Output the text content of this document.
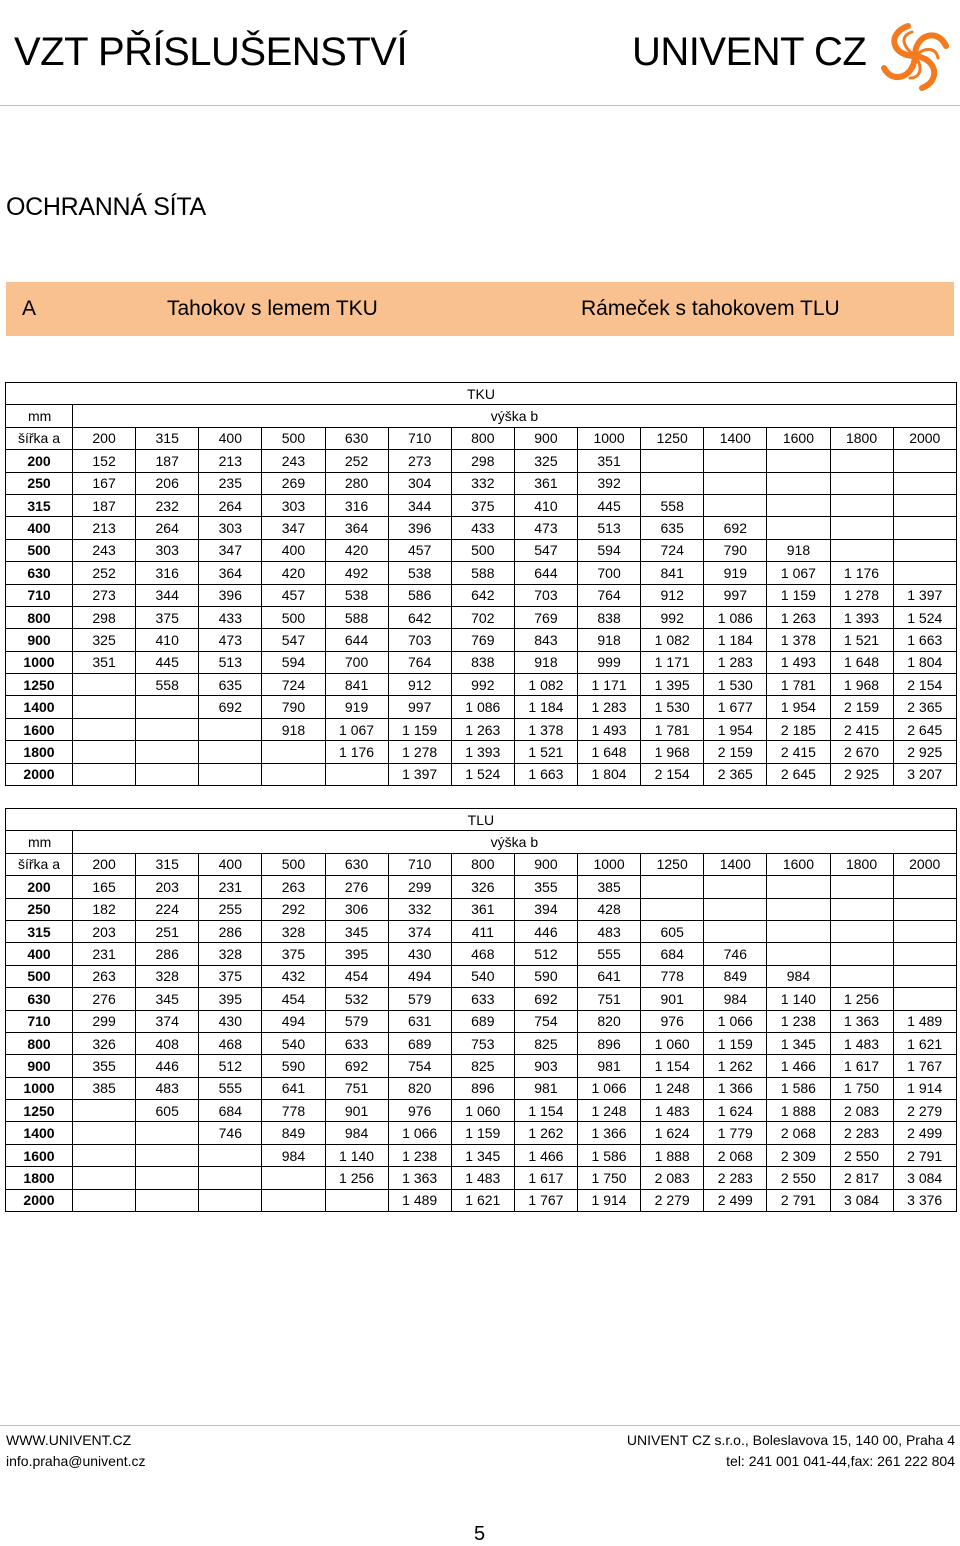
VZT PŘÍSLUŠENSTVÍ	UNIVENT CZ
OCHRANNÁ SÍTA
A	Tahokov s lemem TKU	Rámeček s tahokovem TLU
TKU														
mm	výška b													
šířka a	200	315	400	500	630	710	800	900	1000	1250	1400	1600	1800	2000
200	152	187	213	243	252	273	298	325	351					
250	167	206	235	269	280	304	332	361	392					
315	187	232	264	303	316	344	375	410	445	558				
400	213	264	303	347	364	396	433	473	513	635	692			
500	243	303	347	400	420	457	500	547	594	724	790	918		
630	252	316	364	420	492	538	588	644	700	841	919	1 067	1 176	
710	273	344	396	457	538	586	642	703	764	912	997	1 159	1 278	1 397
800	298	375	433	500	588	642	702	769	838	992	1 086	1 263	1 393	1 524
900	325	410	473	547	644	703	769	843	918	1 082	1 184	1 378	1 521	1 663
1000	351	445	513	594	700	764	838	918	999	1 171	1 283	1 493	1 648	1 804
1250		558	635	724	841	912	992	1 082	1 171	1 395	1 530	1 781	1 968	2 154
1400			692	790	919	997	1 086	1 184	1 283	1 530	1 677	1 954	2 159	2 365
1600				918	1 067	1 159	1 263	1 378	1 493	1 781	1 954	2 185	2 415	2 645
1800					1 176	1 278	1 393	1 521	1 648	1 968	2 159	2 415	2 670	2 925
2000						1 397	1 524	1 663	1 804	2 154	2 365	2 645	2 925	3 207
TLU														
mm	výška b													
šířka a	200	315	400	500	630	710	800	900	1000	1250	1400	1600	1800	2000
200	165	203	231	263	276	299	326	355	385					
250	182	224	255	292	306	332	361	394	428					
315	203	251	286	328	345	374	411	446	483	605				
400	231	286	328	375	395	430	468	512	555	684	746			
500	263	328	375	432	454	494	540	590	641	778	849	984		
630	276	345	395	454	532	579	633	692	751	901	984	1 140	1 256	
710	299	374	430	494	579	631	689	754	820	976	1 066	1 238	1 363	1 489
800	326	408	468	540	633	689	753	825	896	1 060	1 159	1 345	1 483	1 621
900	355	446	512	590	692	754	825	903	981	1 154	1 262	1 466	1 617	1 767
1000	385	483	555	641	751	820	896	981	1 066	1 248	1 366	1 586	1 750	1 914
1250		605	684	778	901	976	1 060	1 154	1 248	1 483	1 624	1 888	2 083	2 279
1400			746	849	984	1 066	1 159	1 262	1 366	1 624	1 779	2 068	2 283	2 499
1600				984	1 140	1 238	1 345	1 466	1 586	1 888	2 068	2 309	2 550	2 791
1800					1 256	1 363	1 483	1 617	1 750	2 083	2 283	2 550	2 817	3 084
2000						1 489	1 621	1 767	1 914	2 279	2 499	2 791	3 084	3 376
WWW.UNIVENT.CZ
info.praha@univent.cz
UNIVENT CZ s.r.o., Boleslavova 15, 140 00, Praha 4
tel: 241 001 041-44,fax: 261 222 804
5
